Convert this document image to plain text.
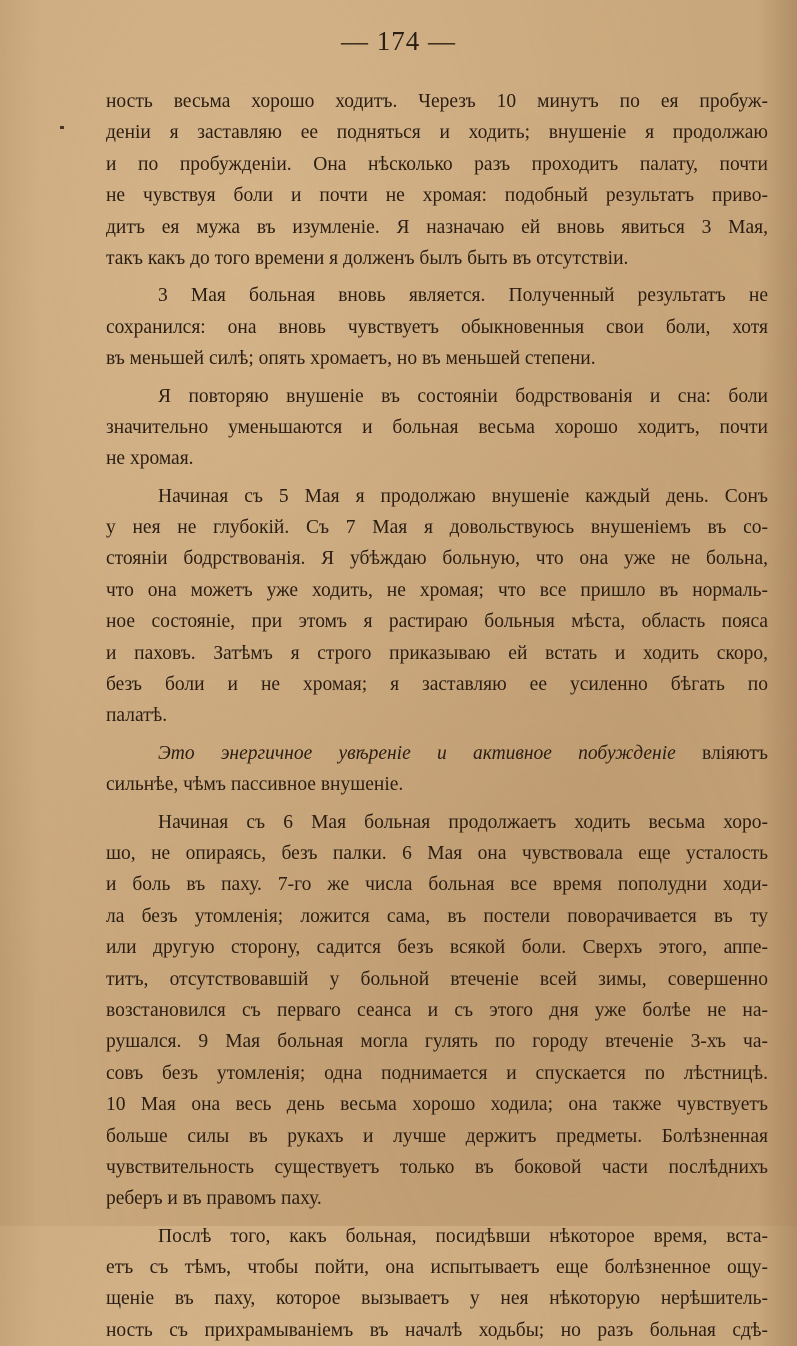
— 174 —

ность весьма хорошо ходитъ. Черезъ 10 минутъ по ея пробуж-
деніи я заставляю ее подняться и ходить; внушеніе я продолжаю
и по пробужденіи. Она нѣсколько разъ проходитъ палату, почти
не чувствуя боли и почти не хромая: подобный результатъ приво-
дитъ ея мужа въ изумленіе. Я назначаю ей вновь явиться 3 Мая,
такъ какъ до того времени я долженъ былъ быть въ отсутствіи.

3 Мая больная вновь является. Полученный результатъ не
сохранился: она вновь чувствуетъ обыкновенныя свои боли, хотя
въ меньшей силѣ; опять хромаетъ, но въ меньшей степени.

Я повторяю внушеніе въ состояніи бодрствованія и сна: боли
значительно уменьшаются и больная весьма хорошо ходитъ, почти
не хромая.

Начиная съ 5 Мая я продолжаю внушеніе каждый день. Сонъ
у нея не глубокій. Съ 7 Мая я довольствуюсь внушеніемъ въ со-
стояніи бодрствованія. Я убѣждаю больную, что она уже не больна,
что она можетъ уже ходить, не хромая; что все пришло въ нормаль-
ное состояніе, при этомъ я растираю больныя мѣста, область пояса
и паховъ. Затѣмъ я строго приказываю ей встать и ходить скоро,
безъ боли и не хромая; я заставляю ее усиленно бѣгать по
палатѣ.

Это энергичное увѣреніе и активное побужденіе вліяютъ
сильнѣе, чѣмъ пассивное внушеніе.

Начиная съ 6 Мая больная продолжаетъ ходить весьма хоро-
шо, не опираясь, безъ палки. 6 Мая она чувствовала еще усталость
и боль въ паху. 7-го же числа больная все время пополудни ходи-
ла безъ утомленія; ложится сама, въ постели поворачивается въ ту
или другую сторону, садится безъ всякой боли. Сверхъ этого, аппе-
титъ, отсутствовавшій у больной втеченіе всей зимы, совершенно
возстановился съ перваго сеанса и съ этого дня уже болѣе не на-
рушался. 9 Мая больная могла гулять по городу втеченіе 3-хъ ча-
совъ безъ утомленія; одна поднимается и спускается по лѣстницѣ.
10 Мая она весь день весьма хорошо ходила; она также чувствуетъ
больше силы въ рукахъ и лучше держитъ предметы. Болѣзненная
чувствительность существуетъ только въ боковой части послѣднихъ
реберъ и въ правомъ паху.

Послѣ того, какъ больная, посидѣвши нѣкоторое время, вста-
етъ съ тѣмъ, чтобы пойти, она испытываетъ еще болѣзненное ощу-
щеніе въ паху, которое вызываетъ у нея нѣкоторую нерѣшитель-
ность съ прихрамываніемъ въ началѣ ходьбы; но разъ больная сдѣ-
